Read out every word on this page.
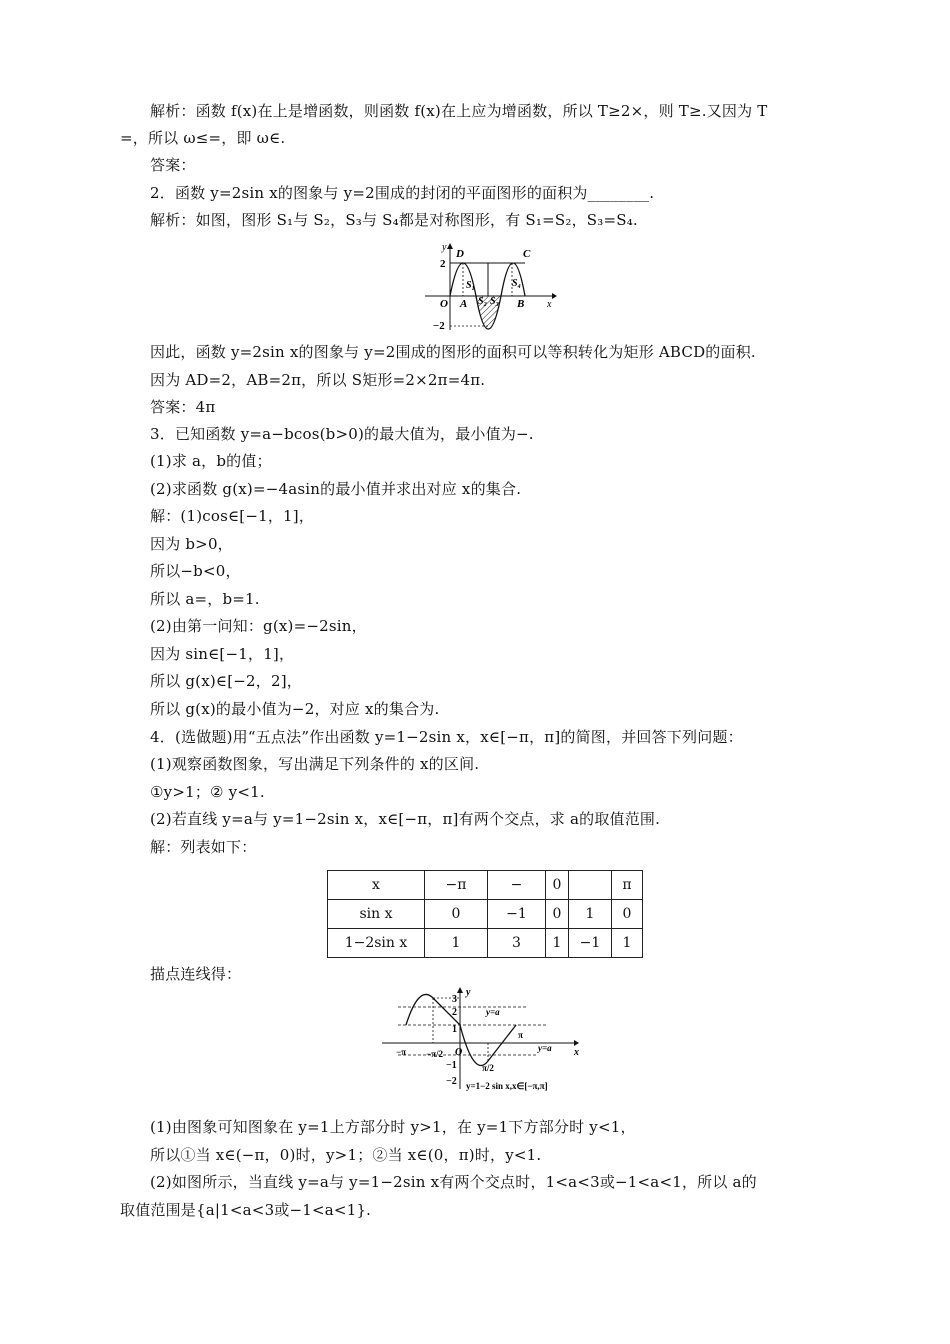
解析：函数 f(x)在上是增函数，则函数 f(x)在上应为增函数，所以 T≥2×，则 T≥.又因为 T
=，所以 ω≤=，即 ω∈.
答案：
2．函数 y=2sin x的图象与 y=2围成的封闭的平面图形的面积为________.
解析：如图，图形 S₁与 S₂，S₃与 S₄都是对称图形，有 S₁=S₂，S₃=S₄.
y
x
O
2
−2
D	C
A	B
S₁
S₂ S₃
S₄
因此，函数 y=2sin x的图象与 y=2围成的图形的面积可以等积转化为矩形 ABCD的面积.
因为 AD=2，AB=2π，所以 S矩形=2×2π=4π.
答案：4π
3．已知函数 y=a−bcos(b>0)的最大值为，最小值为−.
(1)求 a，b的值；
(2)求函数 g(x)=−4asin的最小值并求出对应 x的集合.
解：(1)cos∈[−1，1]，
因为 b>0，
所以−b<0，
所以 a=，b=1.
(2)由第一问知：g(x)=−2sin，
因为 sin∈[−1，1]，
所以 g(x)∈[−2，2]，
所以 g(x)的最小值为−2，对应 x的集合为.
4．(选做题)用“五点法”作出函数 y=1−2sin x，x∈[−π，π]的简图，并回答下列问题：
(1)观察函数图象，写出满足下列条件的 x的区间.
①y>1；② y<1.
(2)若直线 y=a与 y=1−2sin x，x∈[−π，π]有两个交点，求 a的取值范围.
解：列表如下：
x	−π	−	0		π
sin x	0	−1	0	1	0
1−2sin x	1	3	1	−1	1
描点连线得：
y
x
O
3
2
1
−1
−2
−π −π/2
π/2
π
y=a
y=a
y=1−2 sin x,x∈[−π,π]
(1)由图象可知图象在 y=1上方部分时 y>1，在 y=1下方部分时 y<1，
所以①当 x∈(−π，0)时，y>1；②当 x∈(0，π)时，y<1.
(2)如图所示，当直线 y=a与 y=1−2sin x有两个交点时，1<a<3或−1<a<1，所以 a的
取值范围是{a|1<a<3或−1<a<1}.
